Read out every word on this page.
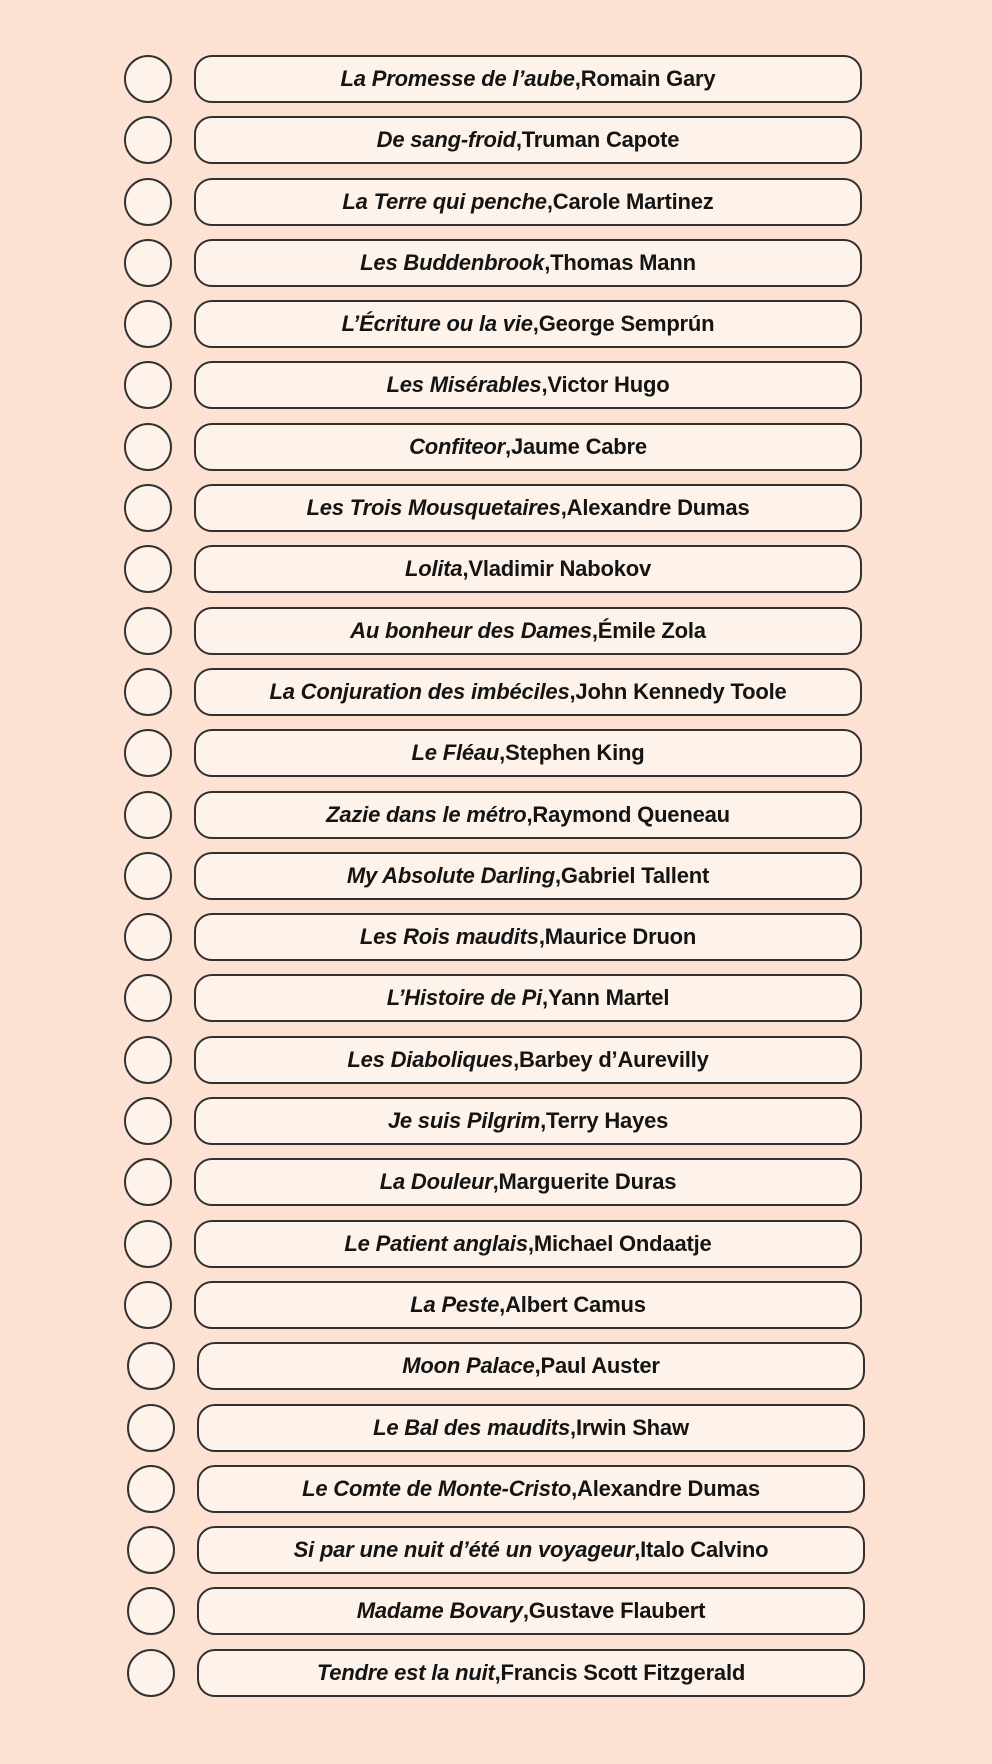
La Promesse de l’aube , Romain Gary
De sang-froid , Truman Capote
La Terre qui penche , Carole Martinez
Les Buddenbrook , Thomas Mann
L’Écriture ou la vie , George Semprún
Les Misérables , Victor Hugo
Confiteor , Jaume Cabre
Les Trois Mousquetaires , Alexandre Dumas
Lolita , Vladimir Nabokov
Au bonheur des Dames , Émile Zola
La Conjuration des imbéciles , John Kennedy Toole
Le Fléau , Stephen King
Zazie dans le métro , Raymond Queneau
My Absolute Darling , Gabriel Tallent
Les Rois maudits , Maurice Druon
L’Histoire de Pi , Yann Martel
Les Diaboliques , Barbey d’Aurevilly
Je suis Pilgrim , Terry Hayes
La Douleur , Marguerite Duras
Le Patient anglais , Michael Ondaatje
La Peste , Albert Camus
Moon Palace , Paul Auster
Le Bal des maudits , Irwin Shaw
Le Comte de Monte-Cristo , Alexandre Dumas
Si par une nuit d’été un voyageur , Italo Calvino
Madame Bovary , Gustave Flaubert
Tendre est la nuit , Francis Scott Fitzgerald
